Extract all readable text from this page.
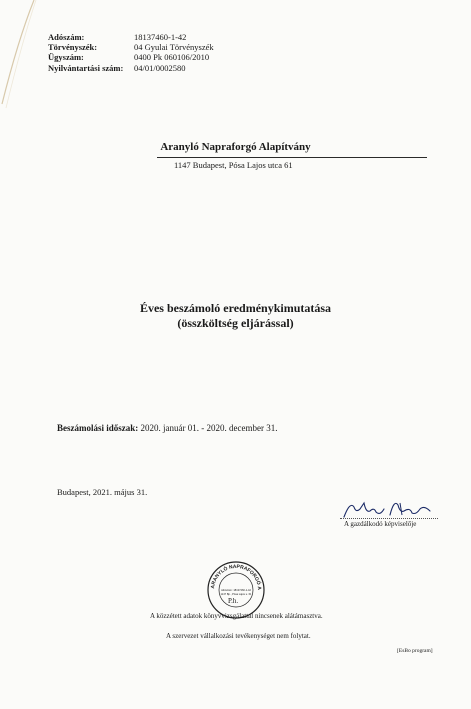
Adószám:	18137460-1-42
Törvényszék:	04 Gyulai Törvényszék
Ügyszám:	0400 Pk 060106/2010
Nyilvántartási szám:	04/01/0002580
Aranyló Napraforgó Alapítvány
1147 Budapest, Pósa Lajos utca 61
Éves beszámoló eredménykimutatása
(összköltség eljárással)
Beszámolási időszak: 2020. január 01. - 2020. december 31.
Budapest, 2021. május 31.
A gazdálkodó képviselője
ARANYLÓ NAPRAFORGÓ A
Adószám: 18137460-1-42
1147 Bp., Pósa Lajos u. 61
P.h.
A közzétett adatok könyvvizsgálattal nincsenek alátámasztva.
A szervezet vállalkozási tevékenységet nem folytat.
[EsBo program]
